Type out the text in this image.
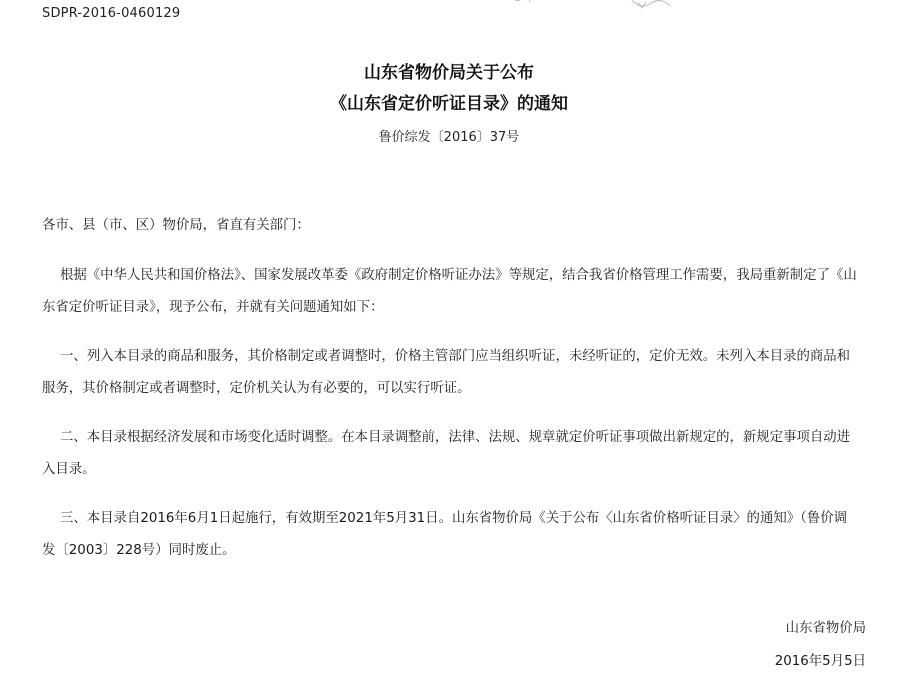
SDPR-2016-0460129
山东省物价局关于公布
《山东省定价听证目录》的通知
鲁价综发〔2016〕37号

各市、县（市、区）物价局，省直有关部门：

根据《中华人民共和国价格法》、国家发展改革委《政府制定价格听证办法》等规定，结合我省价格管理工作需要，我局重新制定了《山东省定价听证目录》，现予公布，并就有关问题通知如下：

一、列入本目录的商品和服务，其价格制定或者调整时，价格主管部门应当组织听证，未经听证的，定价无效。未列入本目录的商品和服务，其价格制定或者调整时，定价机关认为有必要的，可以实行听证。

二、本目录根据经济发展和市场变化适时调整。在本目录调整前，法律、法规、规章就定价听证事项做出新规定的，新规定事项自动进入目录。

三、本目录自2016年6月1日起施行，有效期至2021年5月31日。山东省物价局《关于公布〈山东省价格听证目录〉的通知》（鲁价调发〔2003〕228号）同时废止。

山东省物价局
2016年5月5日
